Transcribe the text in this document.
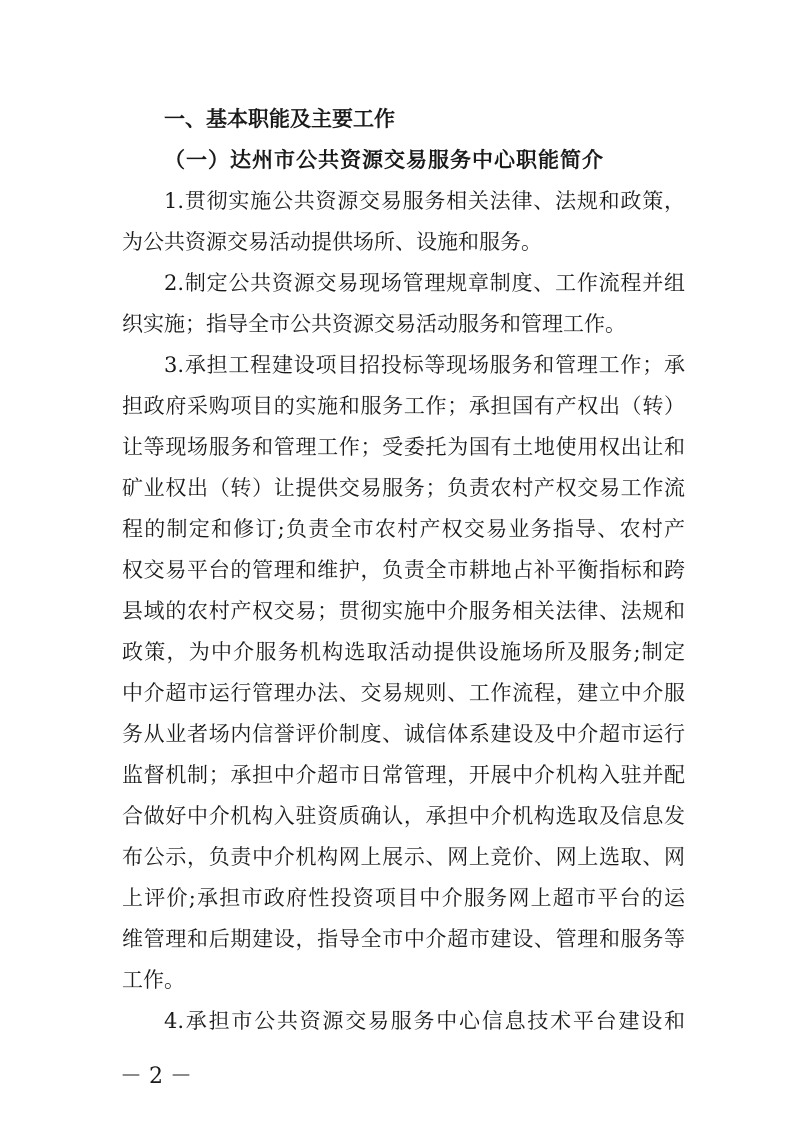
一、基本职能及主要工作
（一）达州市公共资源交易服务中心职能简介
1.贯彻实施公共资源交易服务相关法律、法规和政策，
为公共资源交易活动提供场所、设施和服务。
2.制定公共资源交易现场管理规章制度、工作流程并组
织实施；指导全市公共资源交易活动服务和管理工作。
3.承担工程建设项目招投标等现场服务和管理工作；承
担政府采购项目的实施和服务工作；承担国有产权出（转）
让等现场服务和管理工作；受委托为国有土地使用权出让和
矿业权出（转）让提供交易服务；负责农村产权交易工作流
程的制定和修订;负责全市农村产权交易业务指导、农村产
权交易平台的管理和维护，负责全市耕地占补平衡指标和跨
县域的农村产权交易；贯彻实施中介服务相关法律、法规和
政策，为中介服务机构选取活动提供设施场所及服务;制定
中介超市运行管理办法、交易规则、工作流程，建立中介服
务从业者场内信誉评价制度、诚信体系建设及中介超市运行
监督机制；承担中介超市日常管理，开展中介机构入驻并配
合做好中介机构入驻资质确认，承担中介机构选取及信息发
布公示，负责中介机构网上展示、网上竞价、网上选取、网
上评价;承担市政府性投资项目中介服务网上超市平台的运
维管理和后期建设，指导全市中介超市建设、管理和服务等
工作。
4.承担市公共资源交易服务中心信息技术平台建设和
－ 2 －
